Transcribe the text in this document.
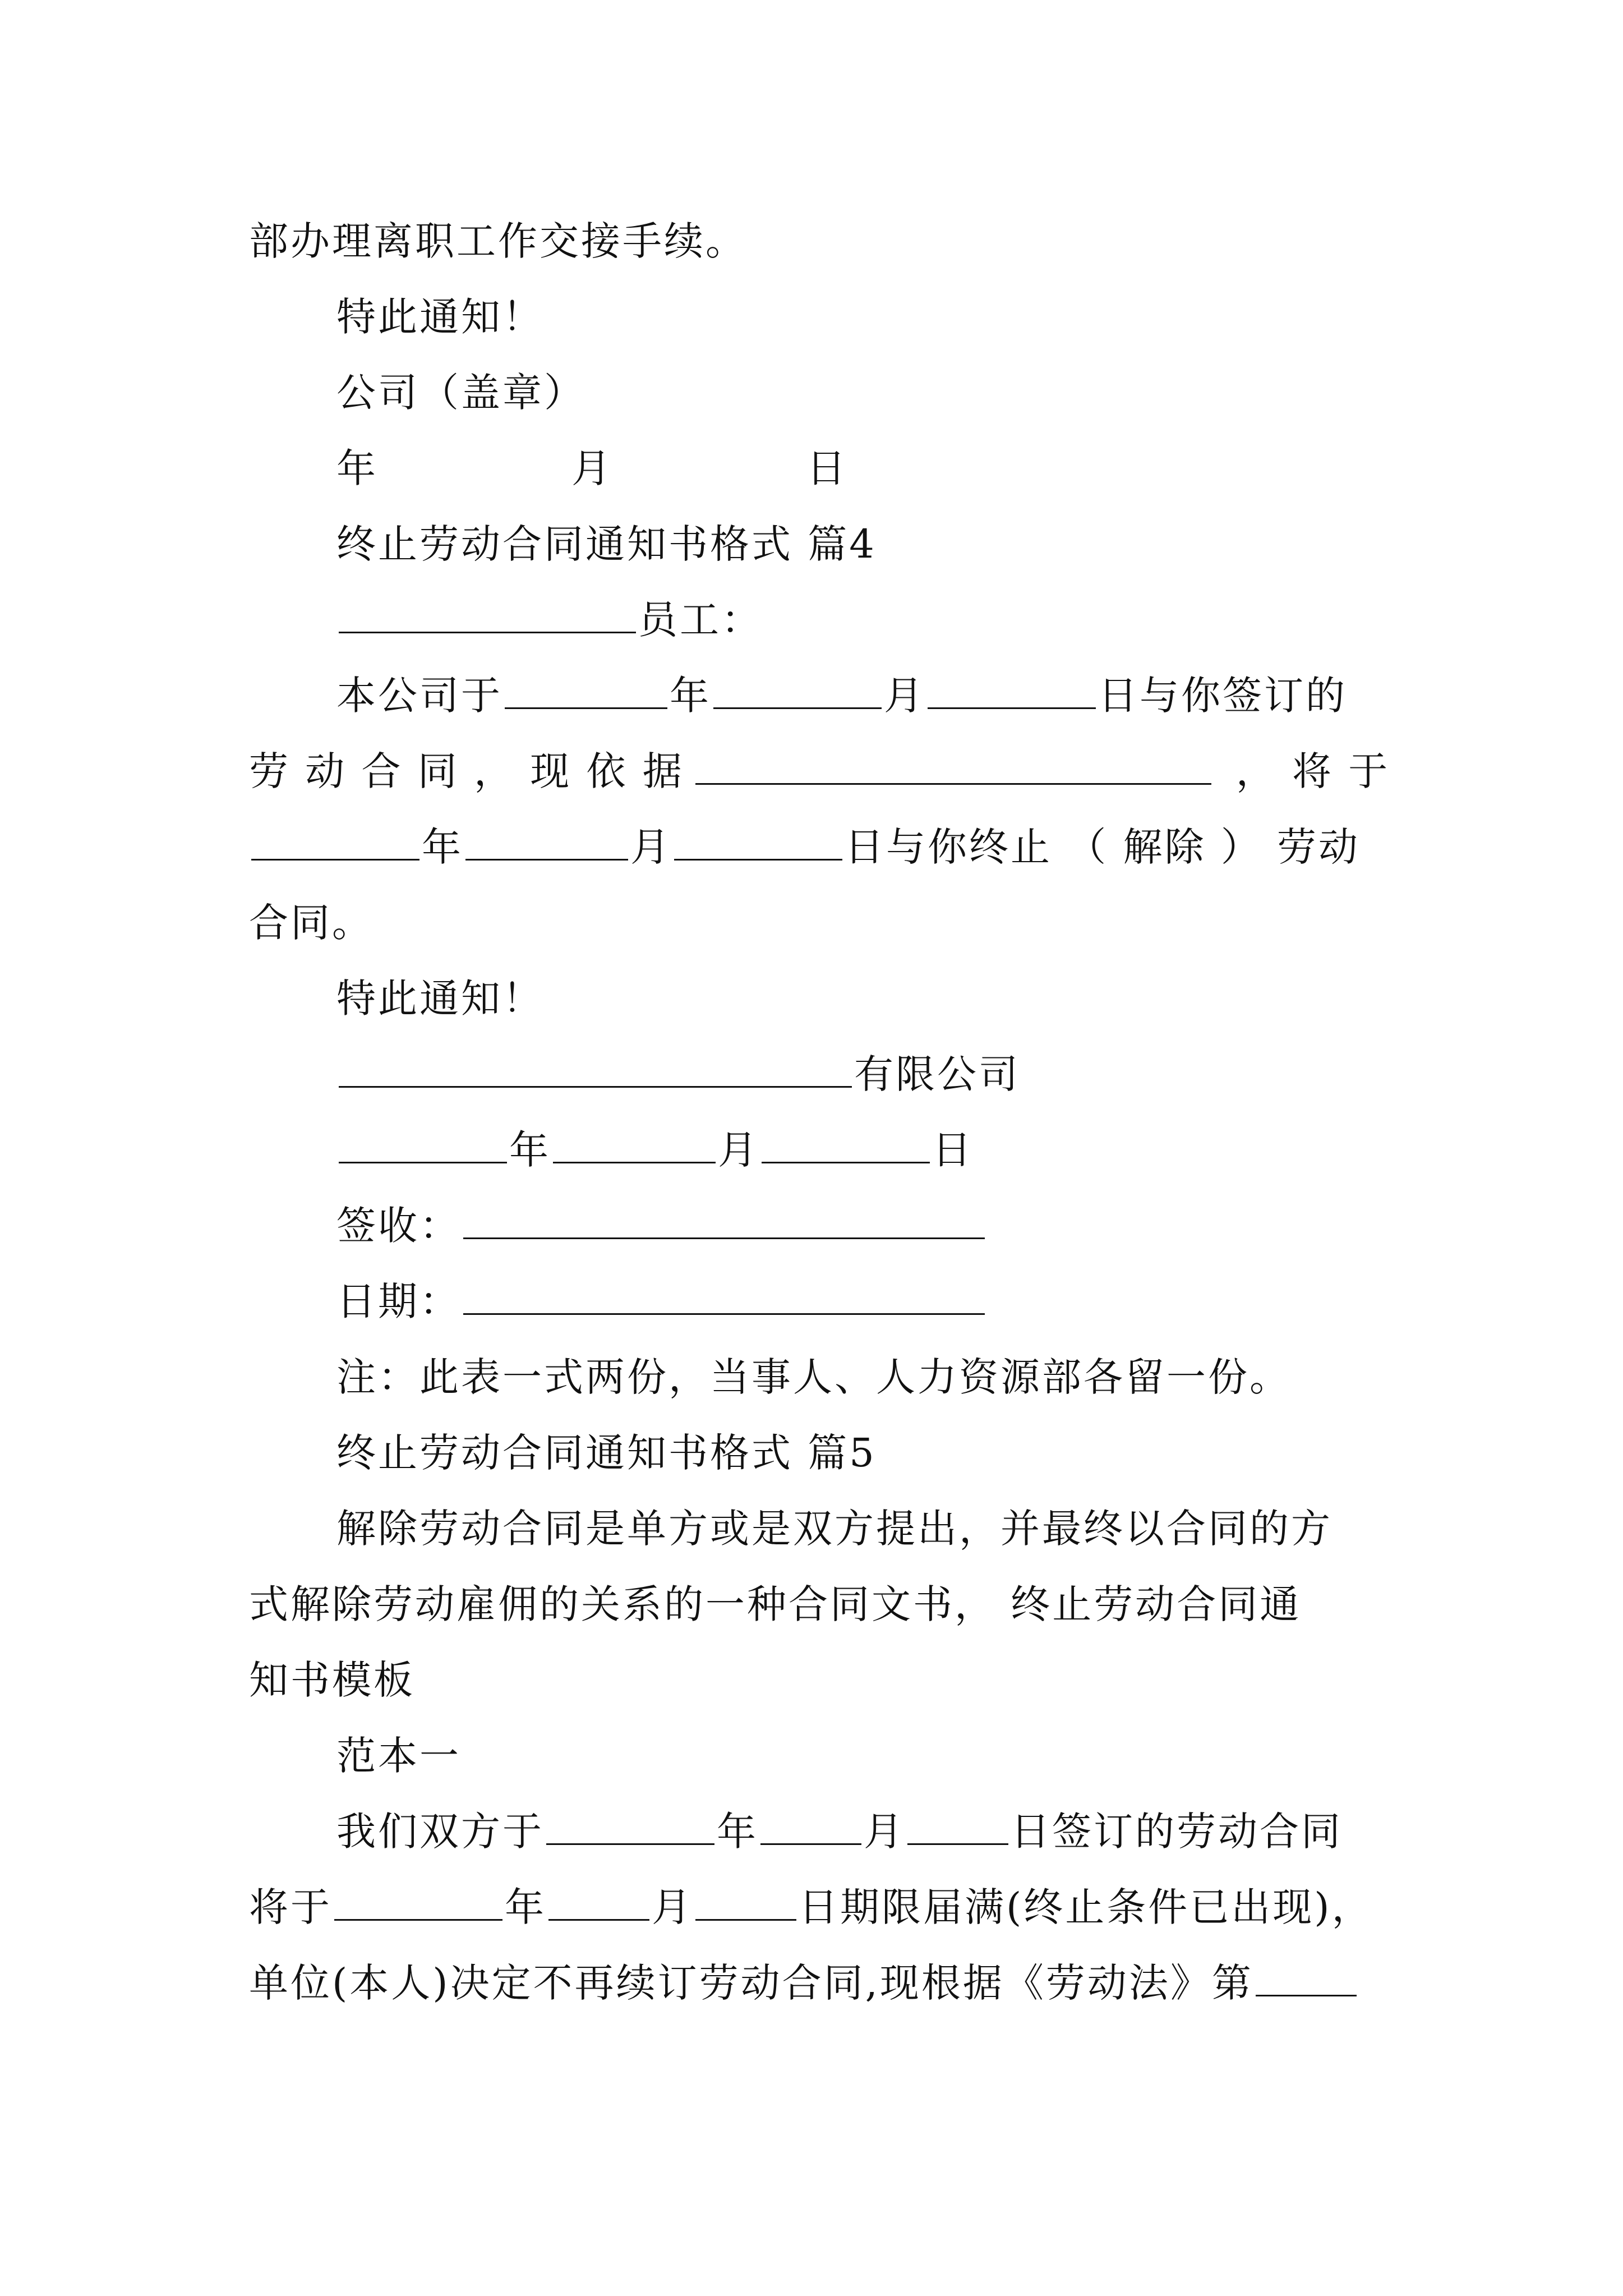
部办理离职工作交接手续。
特此通知！
公司（盖章）
年	月	日
终止劳动合同通知书格式 篇4
员工：
本公司于	年	月	日与你签订的
劳 动 合 同 ， 现 依 据	， 将 于
年	月	日与你终止 （ 解除 ） 劳动
合同。
特此通知！
有限公司
年	月	日
签收：
日期：
注：此表一式两份，当事人、人力资源部各留一份。
终止劳动合同通知书格式 篇5
解除劳动合同是单方或是双方提出，并最终以合同的方
式解除劳动雇佣的关系的一种合同文书， 终止劳动合同通
知书模板
范本一
我们双方于	年	月	日签订的劳动合同
将于	年	月	日期限届满(终止条件已出现)，
单位(本人)决定不再续订劳动合同,现根据《劳动法》第
